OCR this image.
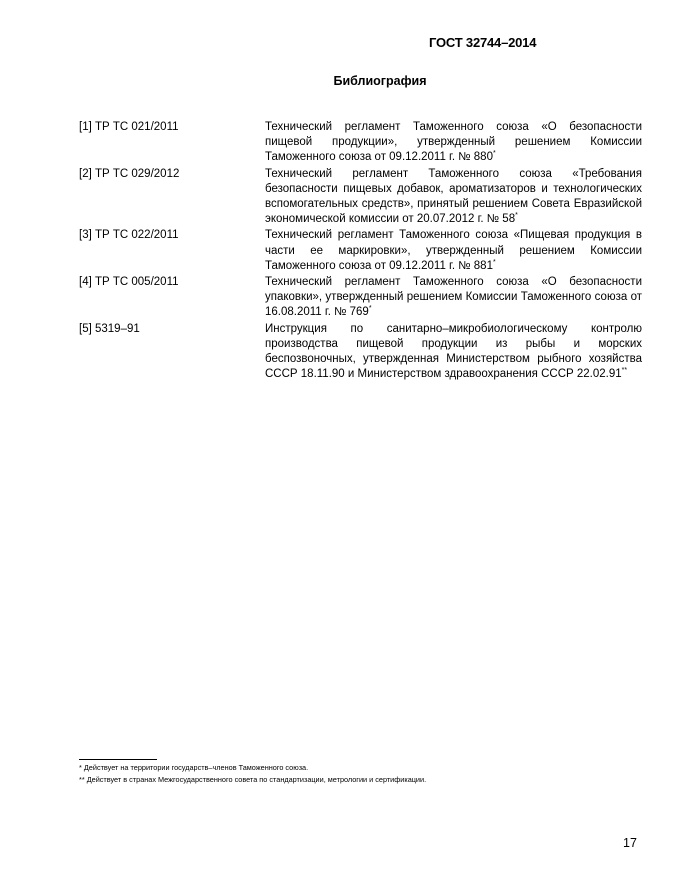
ГОСТ 32744–2014
Библиография
[1] ТР ТС 021/2011	Технический регламент Таможенного союза «О безопасности пищевой продукции», утвержденный решением Комиссии Таможенного союза от 09.12.2011 г. № 880*
[2] ТР ТС 029/2012	Технический регламент Таможенного союза «Требования безопасности пищевых добавок, ароматизаторов и технологических вспомогательных средств», принятый решением Совета Евразийской экономической комиссии от 20.07.2012 г. № 58*
[3] ТР ТС 022/2011	Технический регламент Таможенного союза «Пищевая продукция в части ее маркировки», утвержденный решением Комиссии Таможенного союза от 09.12.2011 г. № 881*
[4] ТР ТС 005/2011	Технический регламент Таможенного союза «О безопасности упаковки», утвержденный решением Комиссии Таможенного союза от 16.08.2011 г. № 769*
[5] 5319–91	Инструкция по санитарно–микробиологическому контролю производства пищевой продукции из рыбы и морских беспозвоночных, утвержденная Министерством рыбного хозяйства СССР 18.11.90 и Министерством здравоохранения СССР 22.02.91**
* Действует на территории государств–членов Таможенного союза.
** Действует в странах Межгосударственного совета по стандартизации, метрологии и сертификации.
17
